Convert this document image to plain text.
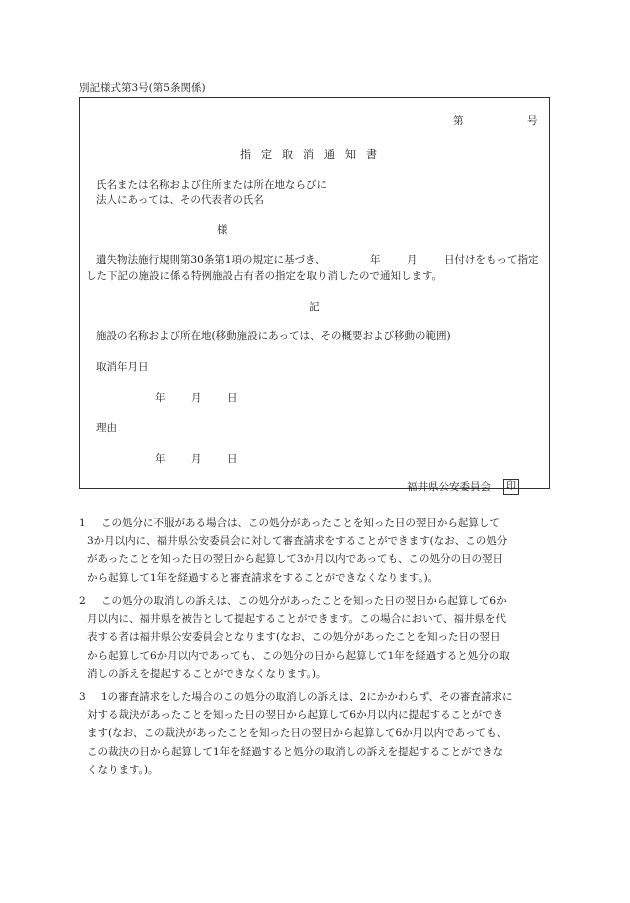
別記様式第3号(第5条関係)
第	号
指定取消通知書
氏名または名称および住所または所在地ならびに
法人にあっては、その代表者の氏名
様
遺失物法施行規則第30条第1項の規定に基づき、	年	月	日付けをもって指定
した下記の施設に係る特例施設占有者の指定を取り消したので通知します。
記
施設の名称および所在地(移動施設にあっては、その概要および移動の範囲)
取消年月日
年 月 日
理由
年 月 日
福井県公安委員会 印
1	この処分に不服がある場合は、この処分があったことを知った日の翌日から起算して
3か月以内に、福井県公安委員会に対して審査請求をすることができます(なお、この処分
があったことを知った日の翌日から起算して3か月以内であっても、この処分の日の翌日
から起算して1年を経過すると審査請求をすることができなくなります。)。
2	この処分の取消しの訴えは、この処分があったことを知った日の翌日から起算して6か
月以内に、福井県を被告として提起することができます。この場合において、福井県を代
表する者は福井県公安委員会となります(なお、この処分があったことを知った日の翌日
から起算して6か月以内であっても、この処分の日から起算して1年を経過すると処分の取
消しの訴えを提起することができなくなります。)。
3	1の審査請求をした場合のこの処分の取消しの訴えは、2にかかわらず、その審査請求に
対する裁決があったことを知った日の翌日から起算して6か月以内に提起することができ
ます(なお、この裁決があったことを知った日の翌日から起算して6か月以内であっても、
この裁決の日から起算して1年を経過すると処分の取消しの訴えを提起することができな
くなります。)。
